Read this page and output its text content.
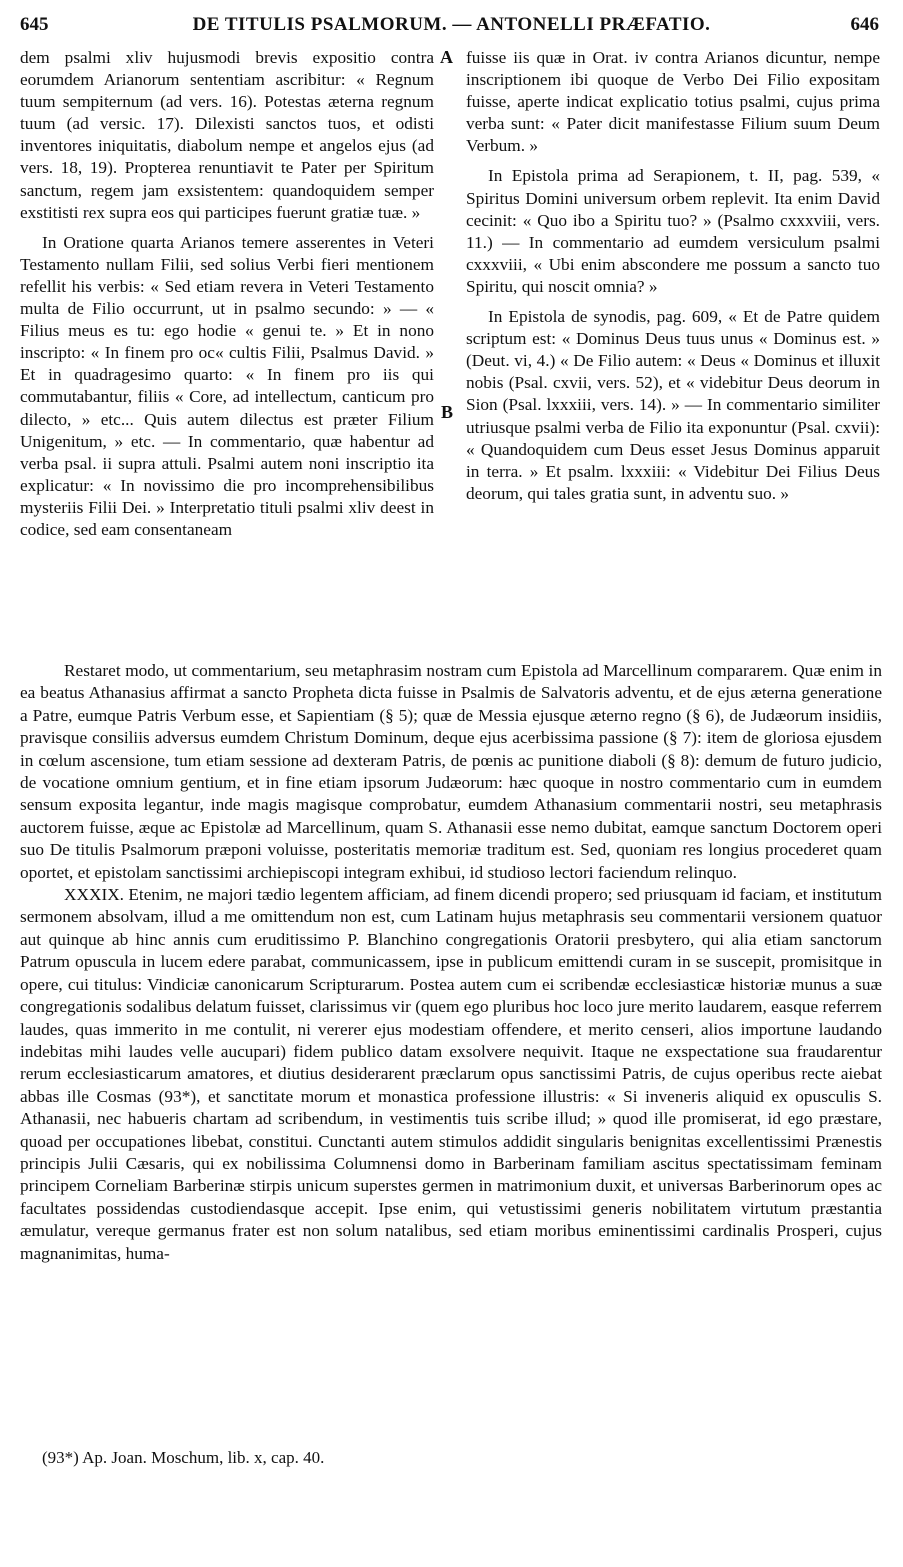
645	DE TITULIS PSALMORUM. — ANTONELLI PRÆFATIO.	646

dem psalmi xliv hujusmodi brevis expositio contra eorumdem Arianorum sententiam ascribitur: « Regnum tuum sempiternum (ad vers. 16). Potestas æterna regnum tuum (ad versic. 17). Dilexisti sanctos tuos, et odisti inventores iniquitatis, diabolum nempe et angelos ejus (ad vers. 18, 19). Propterea renuntiavit te Pater per Spiritum sanctum, regem jam exsistentem: quandoquidem semper exstitisti rex supra eos qui participes fuerunt gratiæ tuæ. »

In Oratione quarta Arianos temere asserentes in Veteri Testamento nullam Filii, sed solius Verbi fieri mentionem refellit his verbis: « Sed etiam revera in Veteri Testamento multa de Filio occurrunt, ut in psalmo secundo: » — « Filius meus es tu: ego hodie « genui te. » Et in nono inscripto: « In finem pro oc« cultis Filii, Psalmus David. » Et in quadragesimo quarto: « In finem pro iis qui commutabantur, filiis « Core, ad intellectum, canticum pro dilecto, » etc... Quis autem dilectus est præter Filium Unigenitum, » etc. — In commentario, quæ habentur ad verba psal. ii supra attuli. Psalmi autem noni inscriptio ita explicatur: « In novissimo die pro incomprehensibilibus mysteriis Filii Dei. » Interpretatio tituli psalmi xliv deest in codice, sed eam consentaneam

A
B

fuisse iis quæ in Orat. iv contra Arianos dicuntur, nempe inscriptionem ibi quoque de Verbo Dei Filio expositam fuisse, aperte indicat explicatio totius psalmi, cujus prima verba sunt: « Pater dicit manifestasse Filium suum Deum Verbum. »

In Epistola prima ad Serapionem, t. II, pag. 539, « Spiritus Domini universum orbem replevit. Ita enim David cecinit: « Quo ibo a Spiritu tuo? » (Psalmo cxxxviii, vers. 11.) — In commentario ad eumdem versiculum psalmi cxxxviii, « Ubi enim abscondere me possum a sancto tuo Spiritu, qui noscit omnia? »

In Epistola de synodis, pag. 609, « Et de Patre quidem scriptum est: « Dominus Deus tuus unus « Dominus est. » (Deut. vi, 4.) « De Filio autem: « Deus « Dominus et illuxit nobis (Psal. cxvii, vers. 52), et « videbitur Deus deorum in Sion (Psal. lxxxiii, vers. 14). » — In commentario similiter utriusque psalmi verba de Filio ita exponuntur (Psal. cxvii): « Quandoquidem cum Deus esset Jesus Dominus apparuit in terra. » Et psalm. lxxxiii: « Videbitur Dei Filius Deus deorum, qui tales gratia sunt, in adventu suo. »

Restaret modo, ut commentarium, seu metaphrasim nostram cum Epistola ad Marcellinum compararem. Quæ enim in ea beatus Athanasius affirmat a sancto Propheta dicta fuisse in Psalmis de Salvatoris adventu, et de ejus æterna generatione a Patre, eumque Patris Verbum esse, et Sapientiam (§ 5); quæ de Messia ejusque æterno regno (§ 6), de Judæorum insidiis, pravisque consiliis adversus eumdem Christum Dominum, deque ejus acerbissima passione (§ 7): item de gloriosa ejusdem in cœlum ascensione, tum etiam sessione ad dexteram Patris, de pœnis ac punitione diaboli (§ 8): demum de futuro judicio, de vocatione omnium gentium, et in fine etiam ipsorum Judæorum: hæc quoque in nostro commentario cum in eumdem sensum exposita legantur, inde magis magisque comprobatur, eumdem Athanasium commentarii nostri, seu metaphrasis auctorem fuisse, æque ac Epistolæ ad Marcellinum, quam S. Athanasii esse nemo dubitat, eamque sanctum Doctorem operi suo De titulis Psalmorum præponi voluisse, posteritatis memoriæ traditum est. Sed, quoniam res longius procederet quam oportet, et epistolam sanctissimi archiepiscopi integram exhibui, id studioso lectori faciendum relinquo.

XXXIX. Etenim, ne majori tædio legentem afficiam, ad finem dicendi propero; sed priusquam id faciam, et institutum sermonem absolvam, illud a me omittendum non est, cum Latinam hujus metaphrasis seu commentarii versionem quatuor aut quinque ab hinc annis cum eruditissimo P. Blanchino congregationis Oratorii presbytero, qui alia etiam sanctorum Patrum opuscula in lucem edere parabat, communicassem, ipse in publicum emittendi curam in se suscepit, promisitque in opere, cui titulus: Vindiciæ canonicarum Scripturarum. Postea autem cum ei scribendæ ecclesiasticæ historiæ munus a suæ congregationis sodalibus delatum fuisset, clarissimus vir (quem ego pluribus hoc loco jure merito laudarem, easque referrem laudes, quas immerito in me contulit, ni vererer ejus modestiam offendere, et merito censeri, alios importune laudando indebitas mihi laudes velle aucupari) fidem publico datam exsolvere nequivit. Itaque ne exspectatione sua fraudarentur rerum ecclesiasticarum amatores, et diutius desiderarent præclarum opus sanctissimi Patris, de cujus operibus recte aiebat abbas ille Cosmas (93*), et sanctitate morum et monastica professione illustris: « Si inveneris aliquid ex opusculis S. Athanasii, nec habueris chartam ad scribendum, in vestimentis tuis scribe illud; » quod ille promiserat, id ego præstare, quoad per occupationes libebat, constitui. Cunctanti autem stimulos addidit singularis benignitas excellentissimi Prænestis principis Julii Cæsaris, qui ex nobilissima Columnensi domo in Barberinam familiam ascitus spectatissimam feminam principem Corneliam Barberinæ stirpis unicum superstes germen in matrimonium duxit, et universas Barberinorum opes ac facultates possidendas custodiendasque accepit. Ipse enim, qui vetustissimi generis nobilitatem virtutum præstantia æmulatur, vereque germanus frater est non solum natalibus, sed etiam moribus eminentissimi cardinalis Prosperi, cujus magnanimitas, huma-

(93*) Ap. Joan. Moschum, lib. x, cap. 40.
